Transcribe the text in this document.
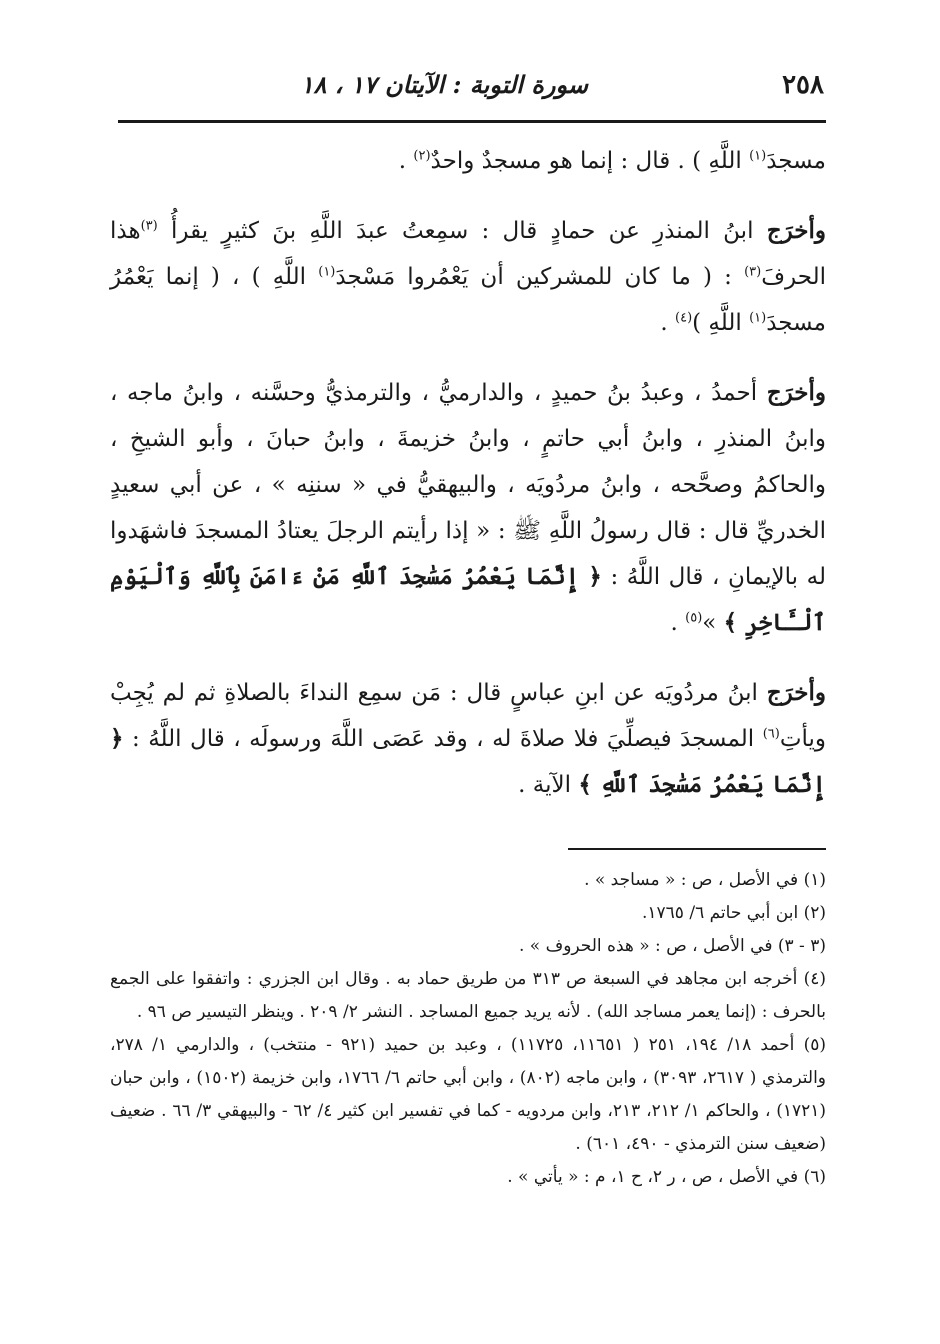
٢٥٨
سورة التوبة : الآيتان ١٧ ، ١٨

مسجدَ$^{(١)}$ اللَّهِ ) . قال : إنما هو مسجدٌ واحدٌ$^{(٢)}$ .

وأخرَج ابنُ المنذرِ عن حمادٍ قال : سمِعتُ عبدَ اللَّهِ بنَ كثيرٍ يقرأُ $^{(٣)}$هذا الحرفَ$^{(٣)}$ : ( ما كان للمشركين أن يَعْمُروا مَسْجدَ$^{(١)}$ اللَّهِ ) ، ( إنما يَعْمُرُ مسجدَ$^{(١)}$ اللَّهِ )$^{(٤)}$ .

وأخرَج أحمدُ ، وعبدُ بنُ حميدٍ ، والدارميُّ ، والترمذيُّ وحسَّنه ، وابنُ ماجه ، وابنُ المنذرِ ، وابنُ أبي حاتمٍ ، وابنُ خزيمةَ ، وابنُ حبانَ ، وأبو الشيخِ ، والحاكمُ وصحَّحه ، وابنُ مردُويَه ، والبيهقيُّ في « سننِه » ، عن أبي سعيدٍ الخدريِّ قال : قال رسولُ اللَّهِ ﷺ : « إذا رأيتم الرجلَ يعتادُ المسجدَ فاشهَدوا له بالإيمانِ ، قال اللَّهُ : ﴿ إِنَّمَا يَعْمُرُ مَسَٰجِدَ ٱللَّهِ مَنْ ءَامَنَ بِٱللَّهِ وَٱلْيَوْمِ ٱلْـَٔاخِرِ ﴾ »$^{(٥)}$ .

وأخرَج ابنُ مردُويَه عن ابنِ عباسٍ قال : مَن سمِع النداءَ بالصلاةِ ثم لم يُجِبْ ويأتِ$^{(٦)}$ المسجدَ فيصلِّيَ فلا صلاةَ له ، وقد عَصَى اللَّهَ ورسولَه ، قال اللَّهُ : ﴿ إِنَّمَا يَعْمُرُ مَسَٰجِدَ ٱللَّهِ ﴾ الآية .

(١) في الأصل ، ص : « مساجد » .
(٢) ابن أبي حاتم ٦/ ١٧٦٥.
(٣ - ٣) في الأصل ، ص : « هذه الحروف » .
(٤) أخرجه ابن مجاهد في السبعة ص ٣١٣ من طريق حماد به . وقال ابن الجزري : واتفقوا على الجمع بالحرف : (إنما يعمر مساجد الله) . لأنه يريد جميع المساجد . النشر ٢/ ٢٠٩ . وينظر التيسير ص ٩٦ .
(٥) أحمد ١٨/ ١٩٤، ٢٥١ ( ١١٦٥١، ١١٧٢٥) ، وعبد بن حميد (٩٢١ - منتخب) ، والدارمي ١/ ٢٧٨، والترمذي ( ٢٦١٧، ٣٠٩٣) ، وابن ماجه (٨٠٢) ، وابن أبي حاتم ٦/ ١٧٦٦، وابن خزيمة (١٥٠٢) ، وابن حبان (١٧٢١) ، والحاكم ١/ ٢١٢، ٢١٣، وابن مردويه - كما في تفسير ابن كثير ٤/ ٦٢ - والبيهقي ٣/ ٦٦ . ضعيف (ضعيف سنن الترمذي - ٤٩٠، ٦٠١) .
(٦) في الأصل ، ص ، ر ٢، ح ١، م : « يأتي » .
